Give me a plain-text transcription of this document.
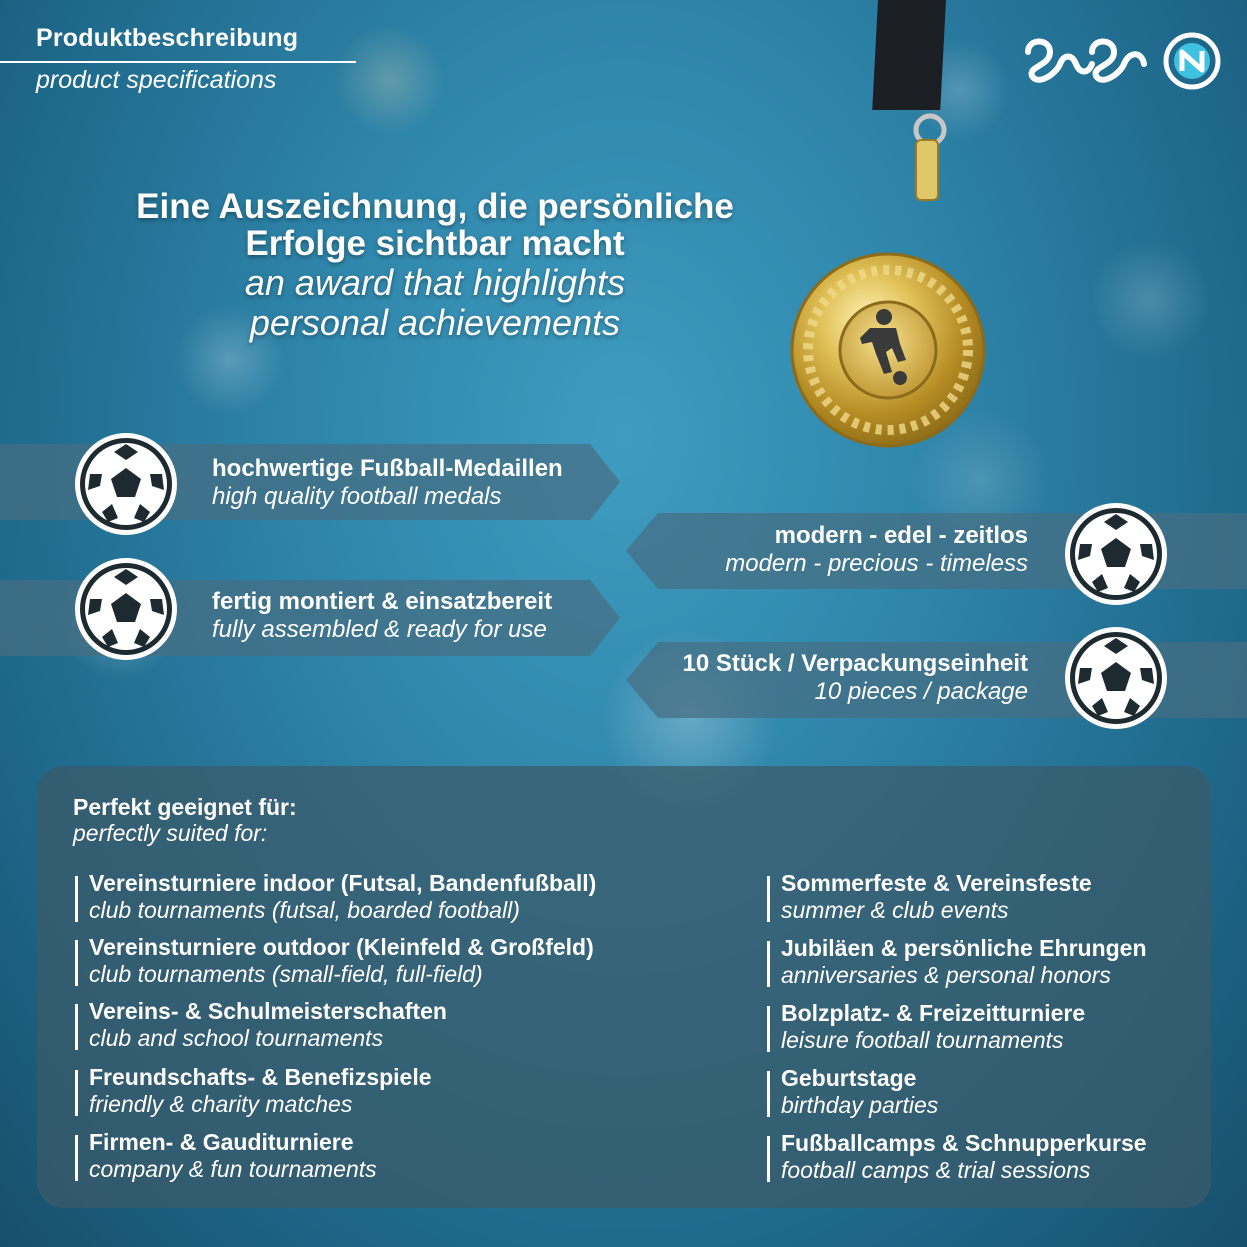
Produktbeschreibung
product specifications
Eine Auszeichnung, die persönliche
Erfolge sichtbar macht
an award that highlights
personal achievements
hochwertige Fußball-Medaillen
high quality football medals
modern - edel - zeitlos
modern - precious - timeless
fertig montiert & einsatzbereit
fully assembled & ready for use
10 Stück / Verpackungseinheit
10 pieces / package
Perfekt geeignet für:
perfectly suited for:
Vereinsturniere indoor (Futsal, Bandenfußball)
club tournaments (futsal, boarded football)
Vereinsturniere outdoor (Kleinfeld & Großfeld)
club tournaments (small-field, full-field)
Vereins- & Schulmeisterschaften
club and school tournaments
Freundschafts- & Benefizspiele
friendly & charity matches
Firmen- & Gauditurniere
company & fun tournaments
Sommerfeste & Vereinsfeste
summer & club events
Jubiläen & persönliche Ehrungen
anniversaries & personal honors
Bolzplatz- & Freizeitturniere
leisure football tournaments
Geburtstage
birthday parties
Fußballcamps & Schnupperkurse
football camps & trial sessions
